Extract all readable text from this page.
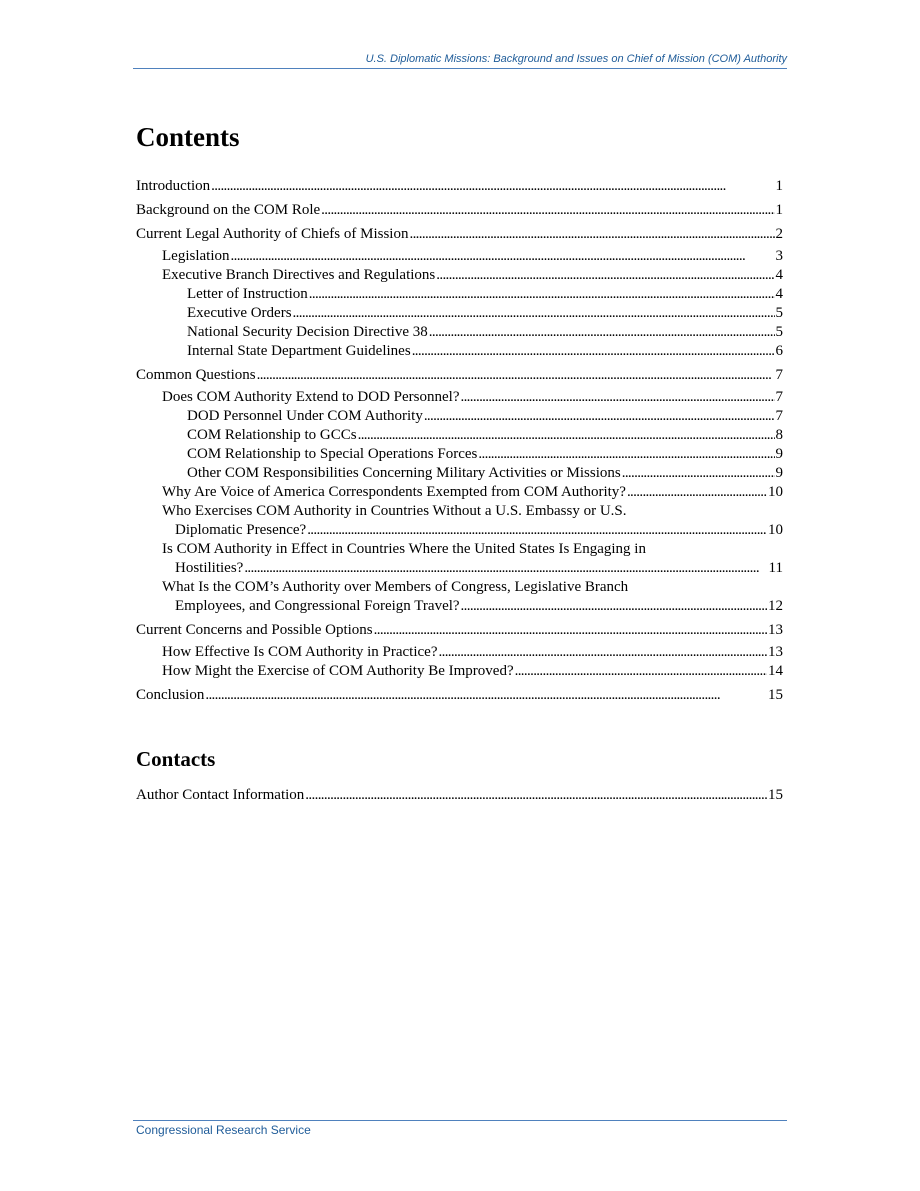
U.S. Diplomatic Missions: Background and Issues on Chief of Mission (COM) Authority
Contents
Introduction . . .	1
Background on the COM Role . . .	1
Current Legal Authority of Chiefs of Mission . . .	2
Legislation . . .	3
Executive Branch Directives and Regulations . . .	4
Letter of Instruction . . .	4
Executive Orders . . .	5
National Security Decision Directive 38 . . .	5
Internal State Department Guidelines . . .	6
Common Questions . . .	7
Does COM Authority Extend to DOD Personnel? . . .	7
DOD Personnel Under COM Authority . . .	7
COM Relationship to GCCs . . .	8
COM Relationship to Special Operations Forces . . .	9
Other COM Responsibilities Concerning Military Activities or Missions . . .	9
Why Are Voice of America Correspondents Exempted from COM Authority? . . .	10
Who Exercises COM Authority in Countries Without a U.S. Embassy or U.S.
Diplomatic Presence? . . .	10
Is COM Authority in Effect in Countries Where the United States Is Engaging in
Hostilities? . . .	11
What Is the COM’s Authority over Members of Congress, Legislative Branch
Employees, and Congressional Foreign Travel? . . .	12
Current Concerns and Possible Options . . .	13
How Effective Is COM Authority in Practice? . . .	13
How Might the Exercise of COM Authority Be Improved? . . .	14
Conclusion . . .	15
Contacts
Author Contact Information . . .	15
Congressional Research Service
